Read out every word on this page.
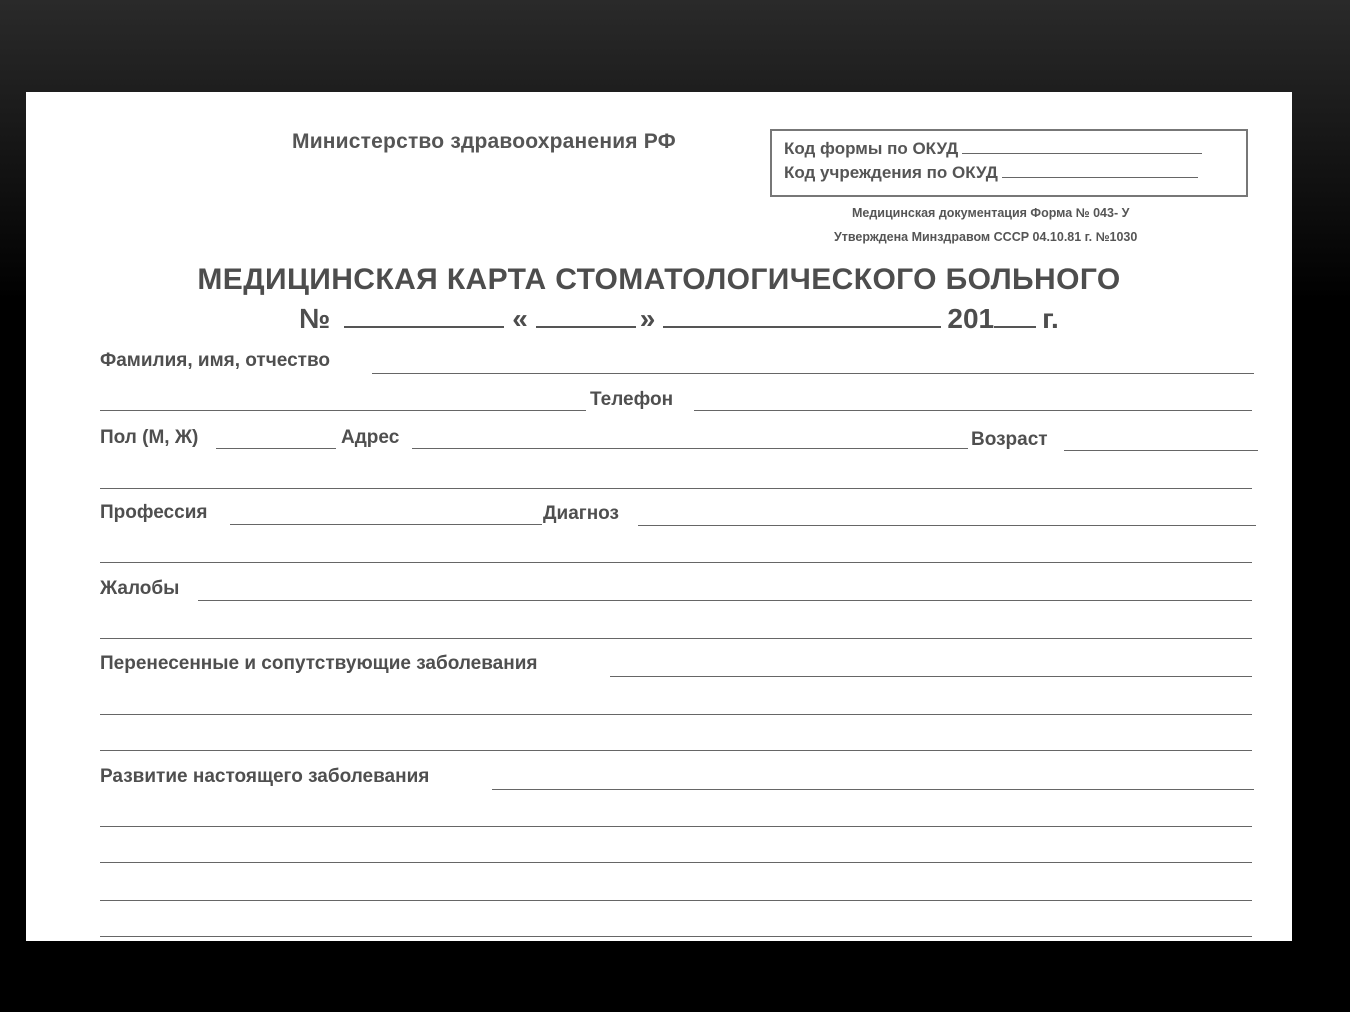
Министерство здравоохранения РФ	Код формы по ОКУД
Код учреждения по ОКУД
Медицинская документация Форма № 043- У
Утверждена Минздравом СССР 04.10.81 г. №1030
МЕДИЦИНСКАЯ КАРТА СТОМАТОЛОГИЧЕСКОГО БОЛЬНОГО
№	«	»	201 г.
Фамилия, имя, отчество
Телефон
Пол (М, Ж)	Адрес	Возраст
Профессия	Диагноз
Жалобы
Перенесенные и сопутствующие заболевания
Развитие настоящего заболевания
